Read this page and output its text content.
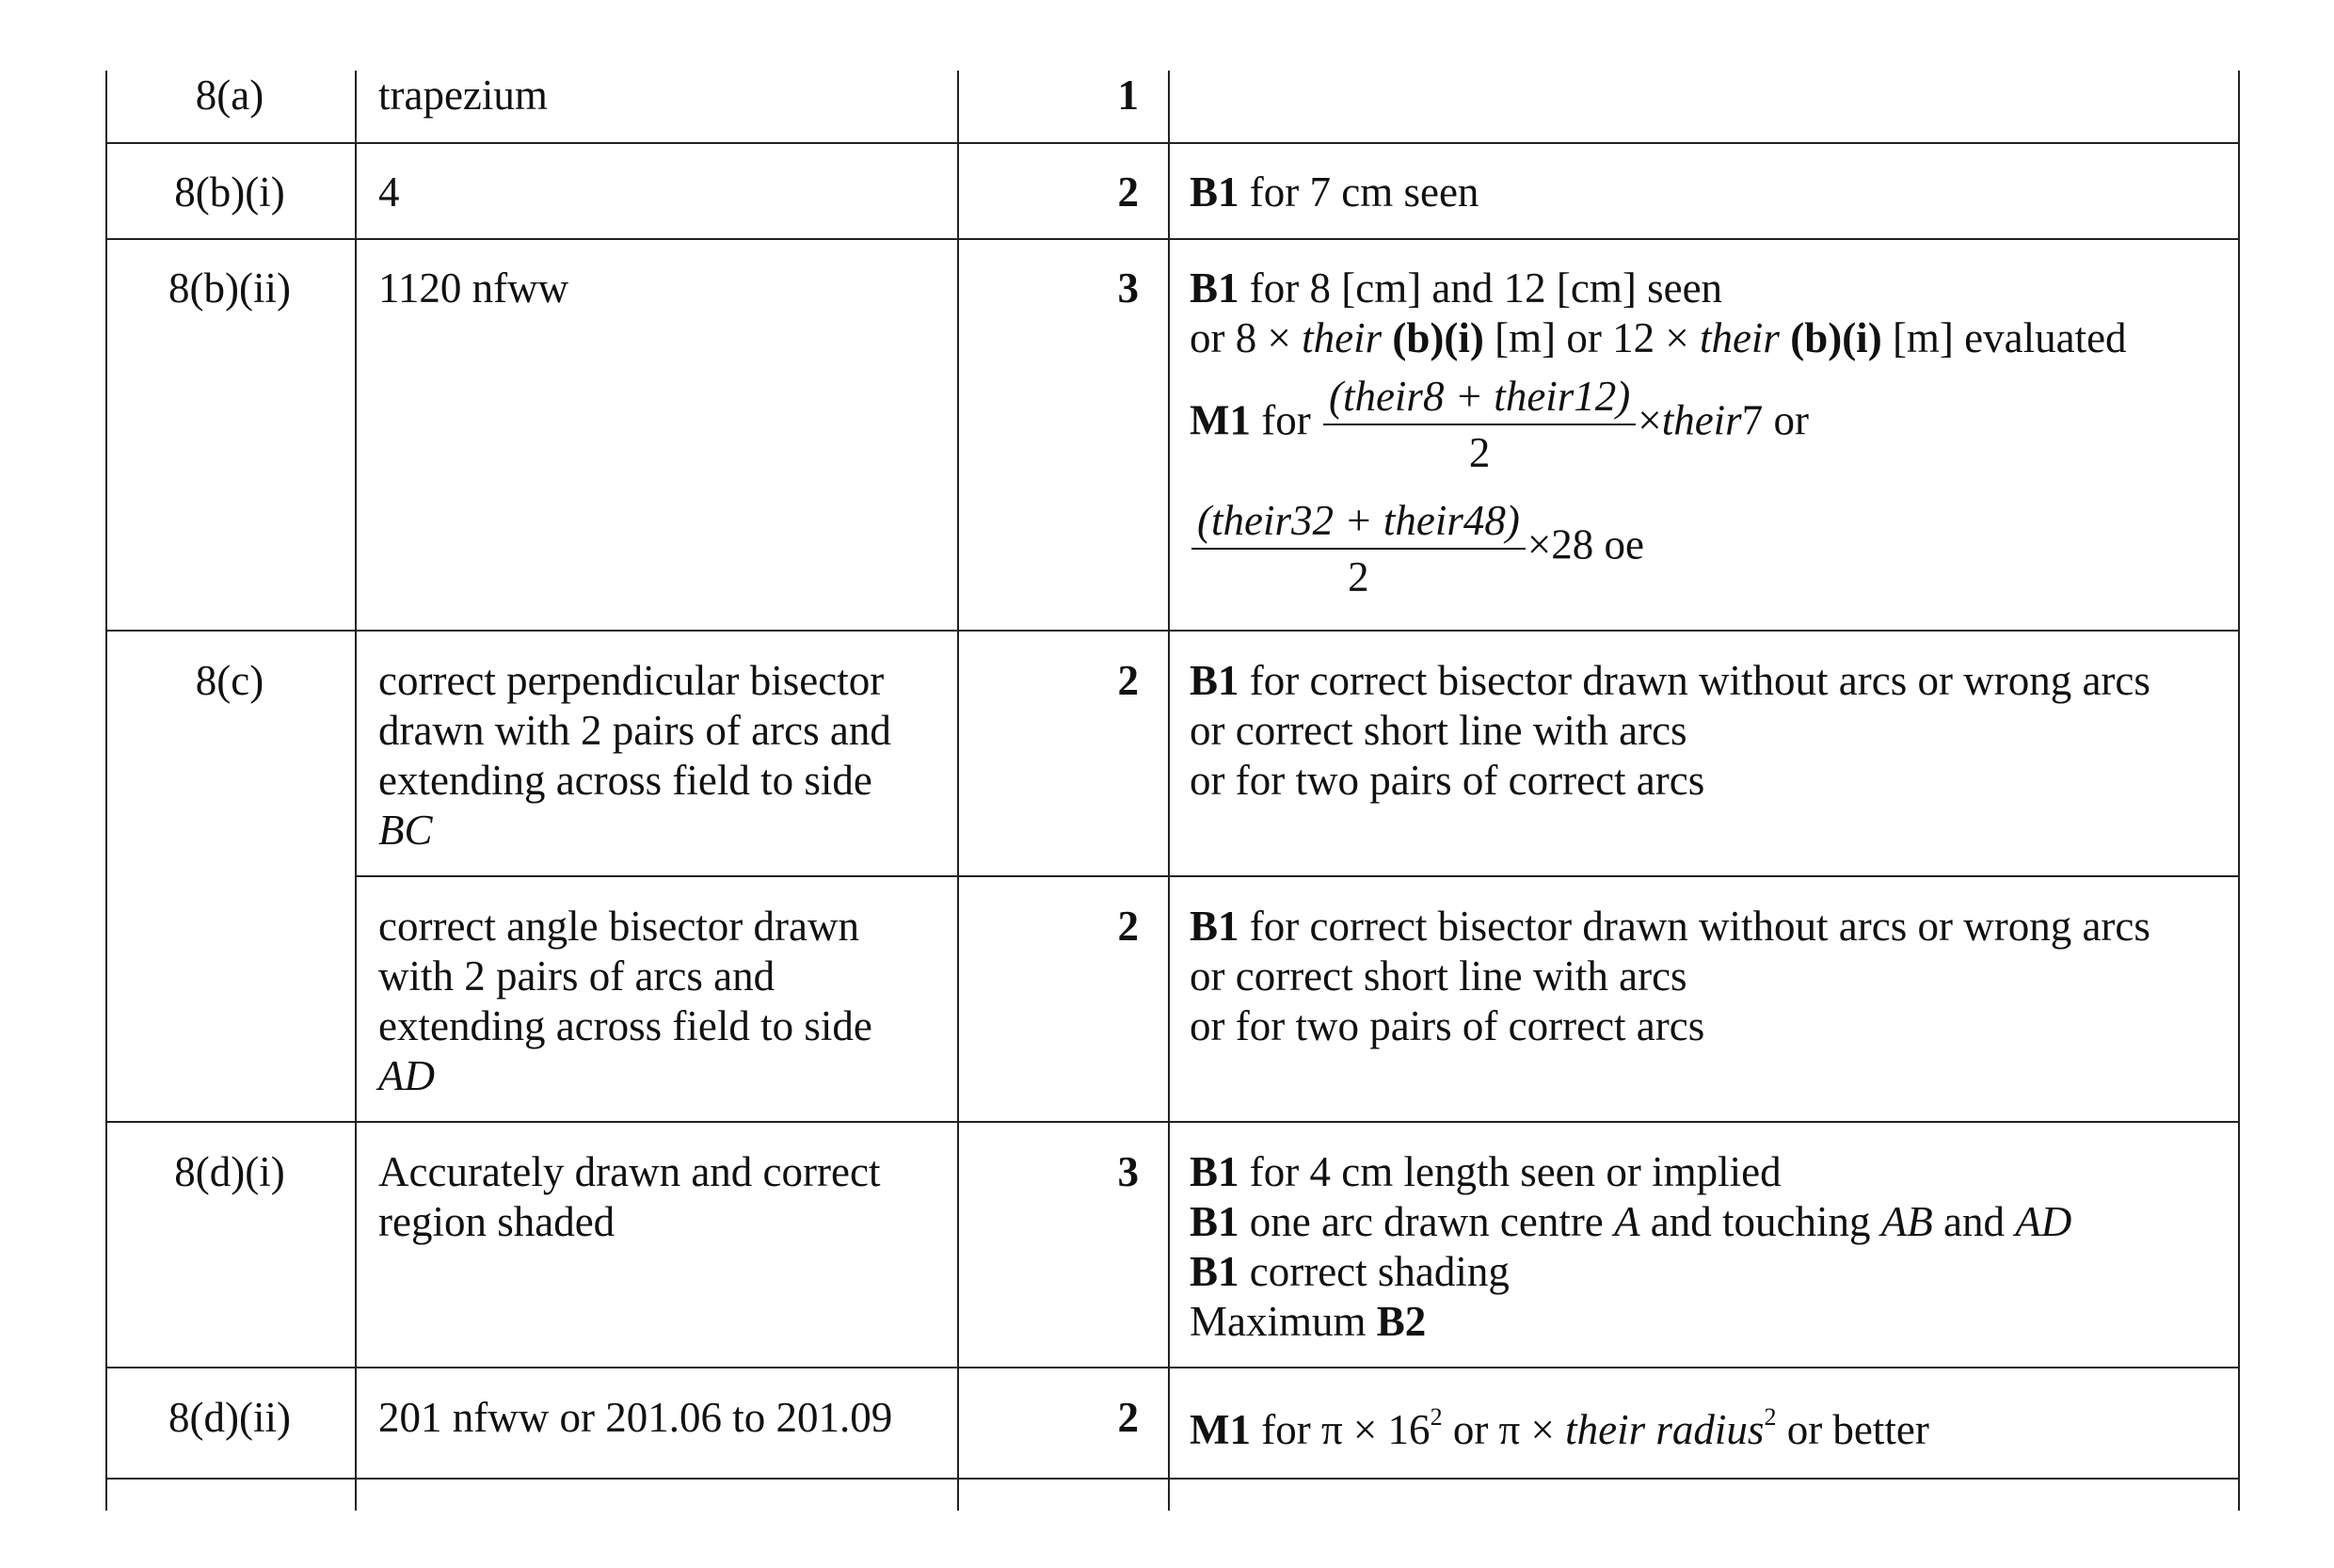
8(a)	trapezium	1
8(b)(i)	4	2 B1 for 7 cm seen
8(b)(ii)	1120 nfww	3 B1 for 8 [cm] and 12 [cm] seen
or 8 × their (b)(i) [m] or 12 × their (b)(i) [m] evaluated
M1 for $\frac{\text{(their8 + their12)}}{2}$ ×their7 or
$\frac{\text{(their32 + their48)}}{2} \times 28$ oe
8(c)	correct perpendicular bisector
drawn with 2 pairs of arcs and
extending across field to side
BC
2 B1 for correct bisector drawn without arcs or wrong arcs
or correct short line with arcs
or for two pairs of correct arcs
correct angle bisector drawn
with 2 pairs of arcs and
extending across field to side
AD
2 B1 for correct bisector drawn without arcs or wrong arcs
or correct short line with arcs
or for two pairs of correct arcs
8(d)(i)	Accurately drawn and correct
region shaded
3 B1 for 4 cm length seen or implied
B1 one arc drawn centre A and touching AB and AD
B1 correct shading
Maximum B2
8(d)(ii)	201 nfww or 201.06 to 201.09	2 M1 for $\pi \times 16^2$ or π × their radius$^2$ or better
